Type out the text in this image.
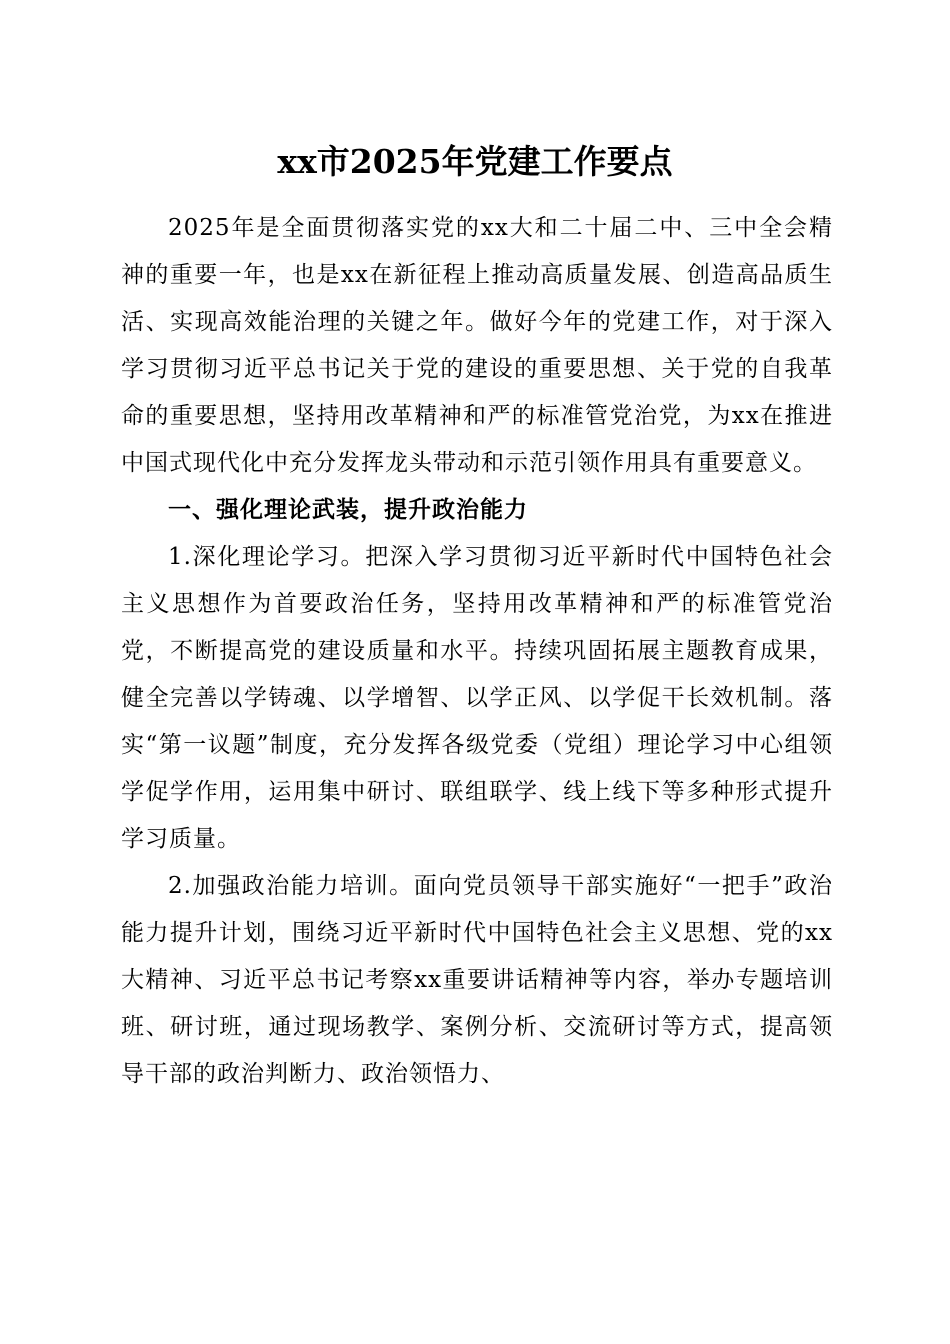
xx市2025年党建工作要点

2025年是全面贯彻落实党的xx大和二十届二中、三中全会精神的重要一年，也是xx在新征程上推动高质量发展、创造高品质生活、实现高效能治理的关键之年。做好今年的党建工作，对于深入学习贯彻习近平总书记关于党的建设的重要思想、关于党的自我革命的重要思想，坚持用改革精神和严的标准管党治党，为xx在推进中国式现代化中充分发挥龙头带动和示范引领作用具有重要意义。

一、强化理论武装，提升政治能力

1.深化理论学习。把深入学习贯彻习近平新时代中国特色社会主义思想作为首要政治任务，坚持用改革精神和严的标准管党治党，不断提高党的建设质量和水平。持续巩固拓展主题教育成果，健全完善以学铸魂、以学增智、以学正风、以学促干长效机制。落实“第一议题”制度，充分发挥各级党委（党组）理论学习中心组领学促学作用，运用集中研讨、联组联学、线上线下等多种形式提升学习质量。

2.加强政治能力培训。面向党员领导干部实施好“一把手”政治能力提升计划，围绕习近平新时代中国特色社会主义思想、党的xx大精神、习近平总书记考察xx重要讲话精神等内容，举办专题培训班、研讨班，通过现场教学、案例分析、交流研讨等方式，提高领导干部的政治判断力、政治领悟力、
